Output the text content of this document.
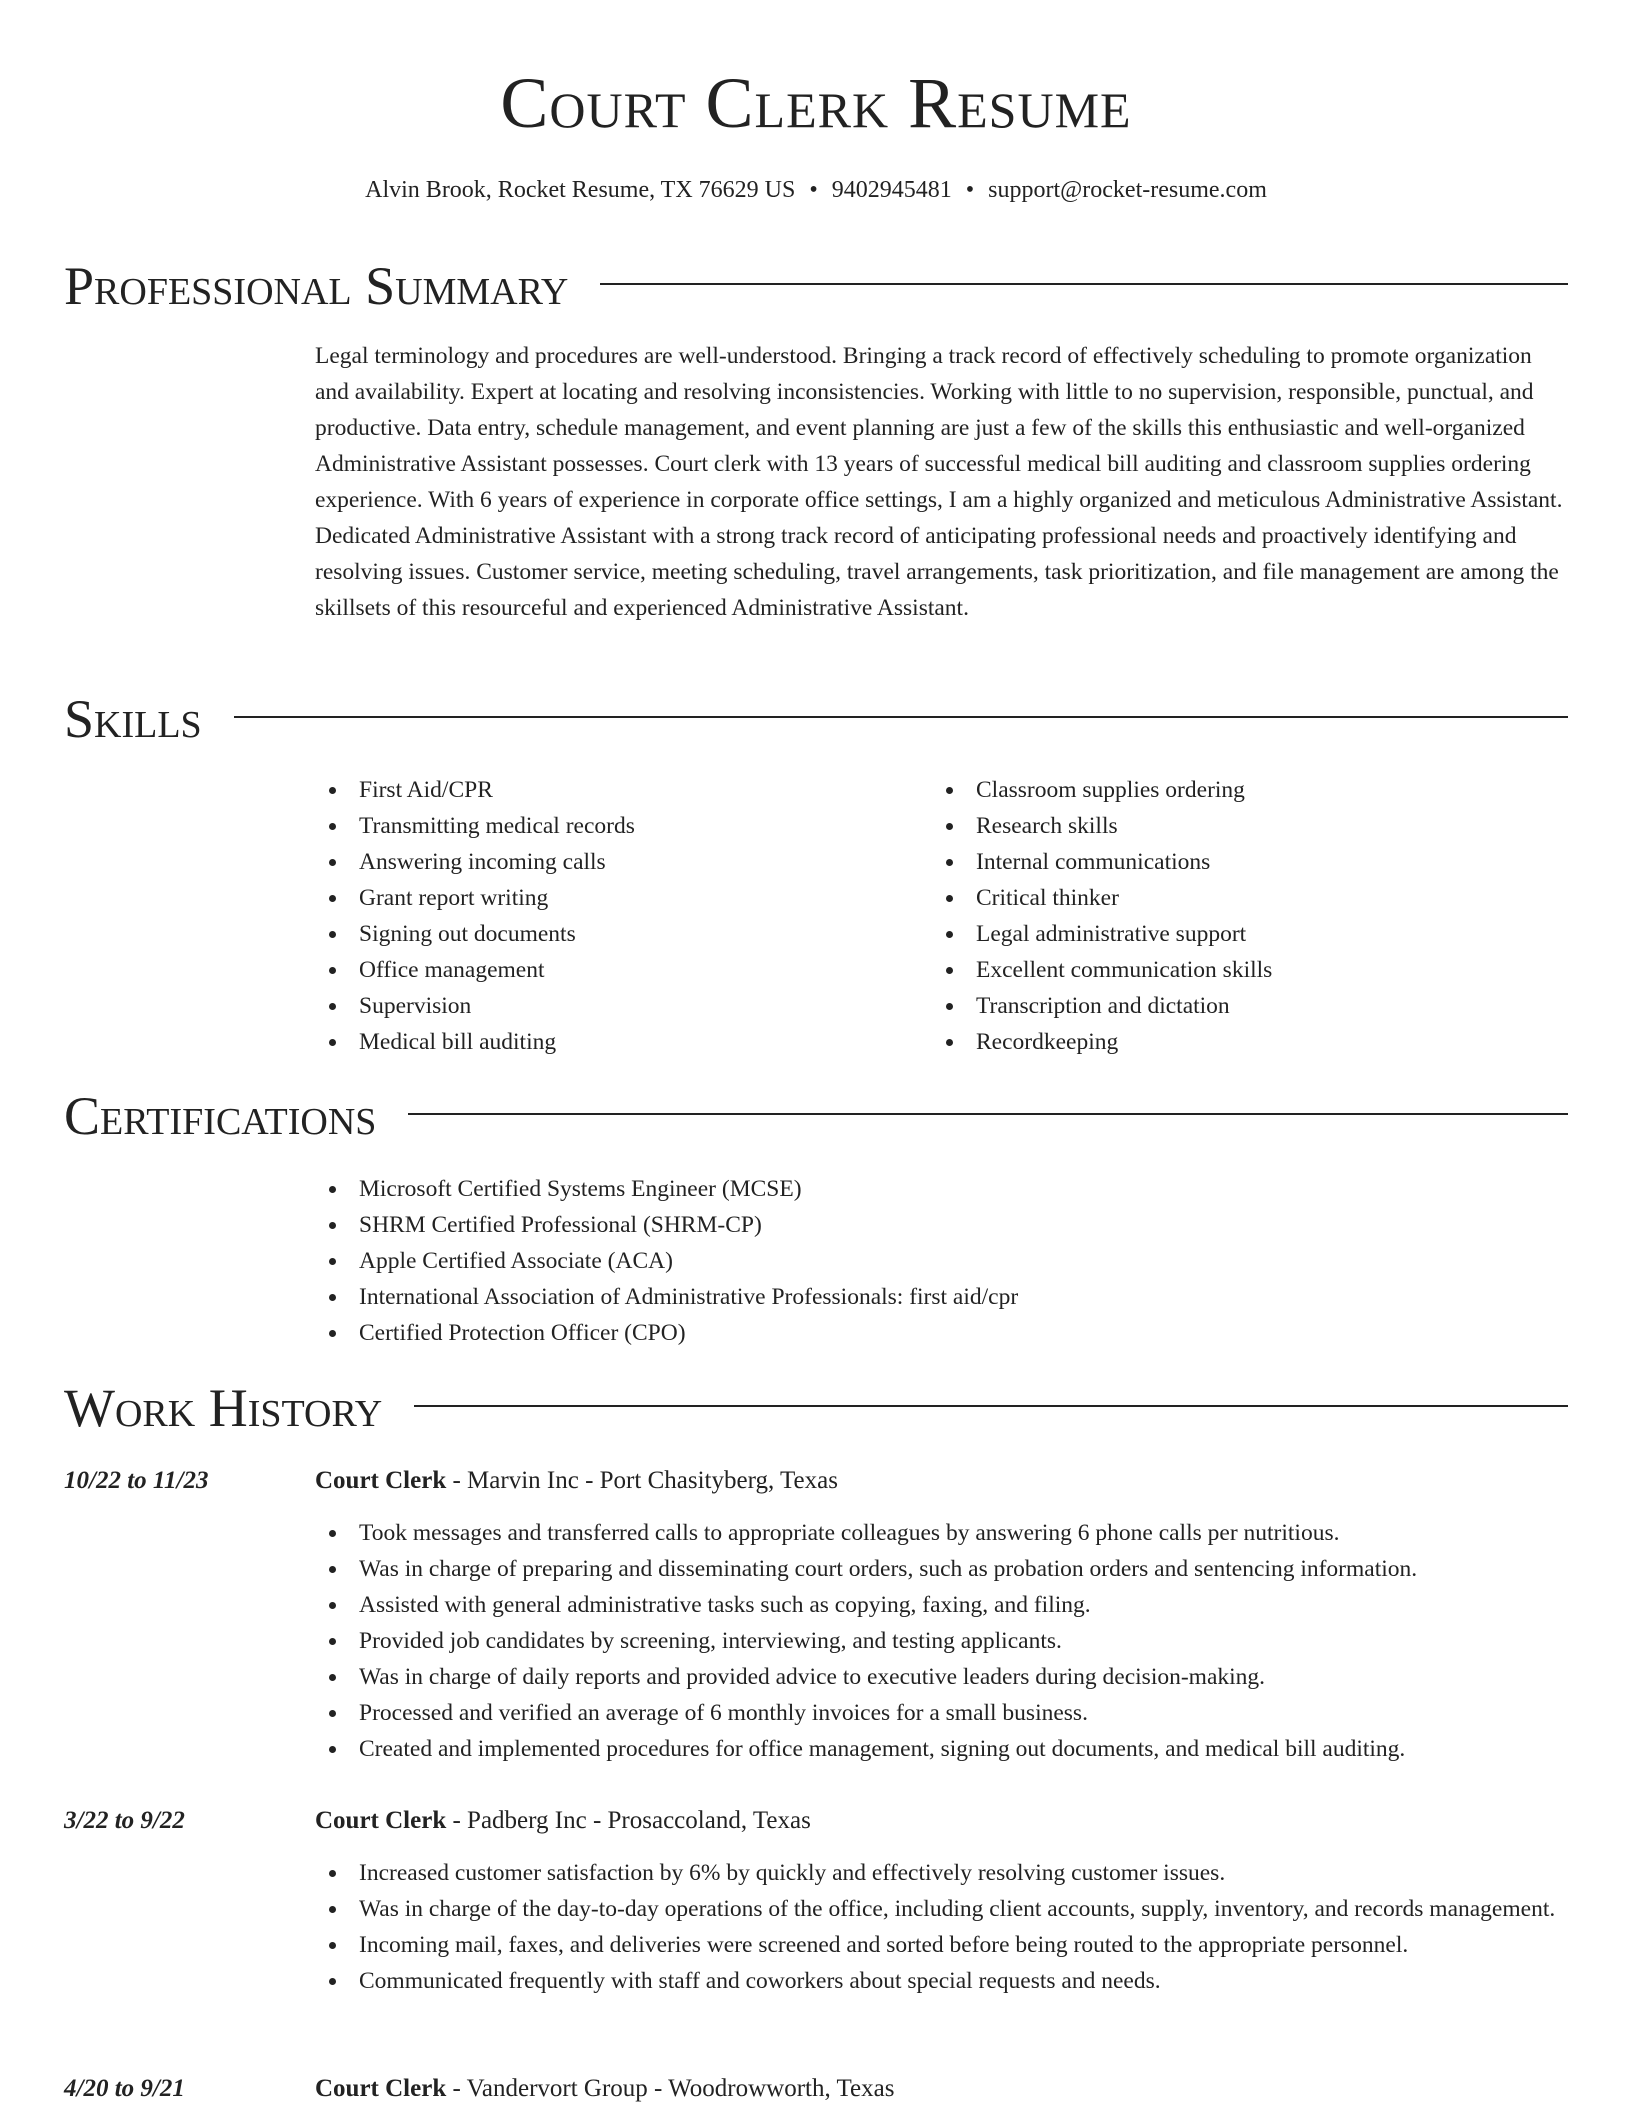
Court Clerk Resume
Alvin Brook, Rocket Resume, TX 76629 US • 9402945481 • support@rocket-resume.com
Professional Summary
Legal terminology and procedures are well-understood. Bringing a track record of effectively scheduling to promote organization and availability. Expert at locating and resolving inconsistencies. Working with little to no supervision, responsible, punctual, and productive. Data entry, schedule management, and event planning are just a few of the skills this enthusiastic and well-organized Administrative Assistant possesses. Court clerk with 13 years of successful medical bill auditing and classroom supplies ordering experience. With 6 years of experience in corporate office settings, I am a highly organized and meticulous Administrative Assistant. Dedicated Administrative Assistant with a strong track record of anticipating professional needs and proactively identifying and resolving issues. Customer service, meeting scheduling, travel arrangements, task prioritization, and file management are among the skillsets of this resourceful and experienced Administrative Assistant.
Skills
First Aid/CPR
Transmitting medical records
Answering incoming calls
Grant report writing
Signing out documents
Office management
Supervision
Medical bill auditing
Classroom supplies ordering
Research skills
Internal communications
Critical thinker
Legal administrative support
Excellent communication skills
Transcription and dictation
Recordkeeping
Certifications
Microsoft Certified Systems Engineer (MCSE)
SHRM Certified Professional (SHRM-CP)
Apple Certified Associate (ACA)
International Association of Administrative Professionals: first aid/cpr
Certified Protection Officer (CPO)
Work History
10/22 to 11/23	Court Clerk - Marvin Inc - Port Chasityberg, Texas
Took messages and transferred calls to appropriate colleagues by answering 6 phone calls per nutritious.
Was in charge of preparing and disseminating court orders, such as probation orders and sentencing information.
Assisted with general administrative tasks such as copying, faxing, and filing.
Provided job candidates by screening, interviewing, and testing applicants.
Was in charge of daily reports and provided advice to executive leaders during decision-making.
Processed and verified an average of 6 monthly invoices for a small business.
Created and implemented procedures for office management, signing out documents, and medical bill auditing.
3/22 to 9/22	Court Clerk - Padberg Inc - Prosaccoland, Texas
Increased customer satisfaction by 6% by quickly and effectively resolving customer issues.
Was in charge of the day-to-day operations of the office, including client accounts, supply, inventory, and records management.
Incoming mail, faxes, and deliveries were screened and sorted before being routed to the appropriate personnel.
Communicated frequently with staff and coworkers about special requests and needs.
4/20 to 9/21	Court Clerk - Vandervort Group - Woodrowworth, Texas
